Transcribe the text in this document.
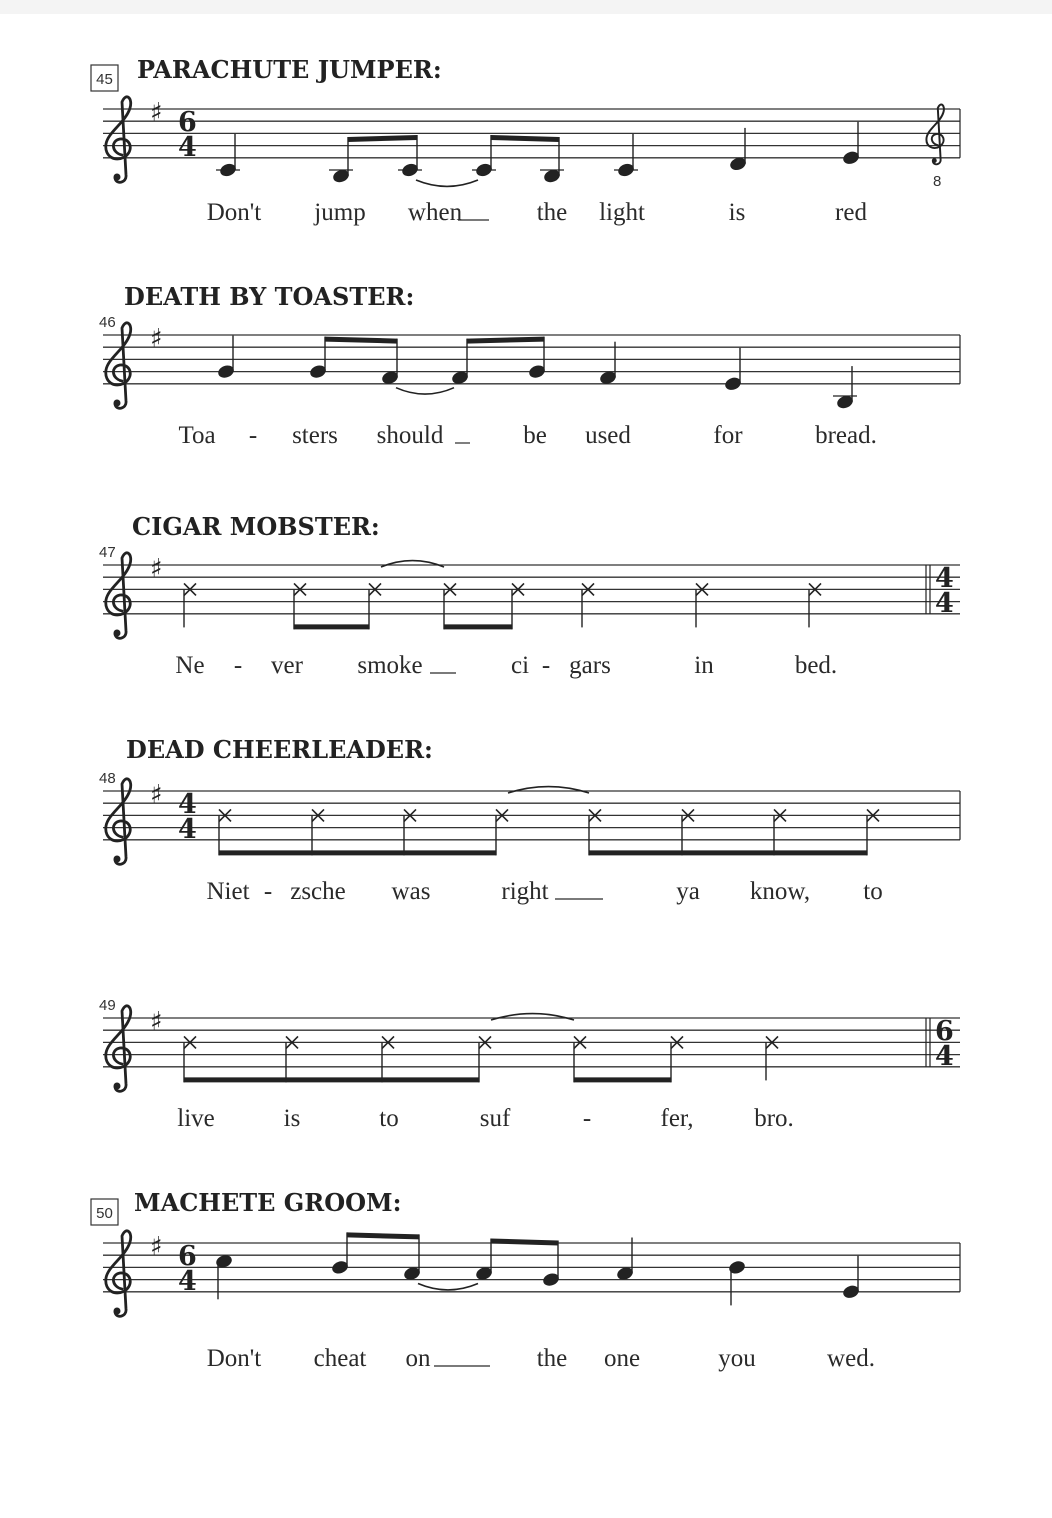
45 PARACHUTE JUMPER:
♯ 6
4
8
Don't jump when	the light	is	red
46
DEATH BY TOASTER:
♯
Toa - sters should	be used	for	bread.
47
CIGAR MOBSTER:
♯	4
4
Ne - ver smoke	ci - gars	in	bed.
48
DEAD CHEERLEADER:
♯ 4
4
Niet - zsche was	right	ya know, to
49
♯	6
4
live	is	to	suf	-	fer, bro.
50 MACHETE GROOM:
♯ 6
4
Don't cheat on	the one	you	wed.
